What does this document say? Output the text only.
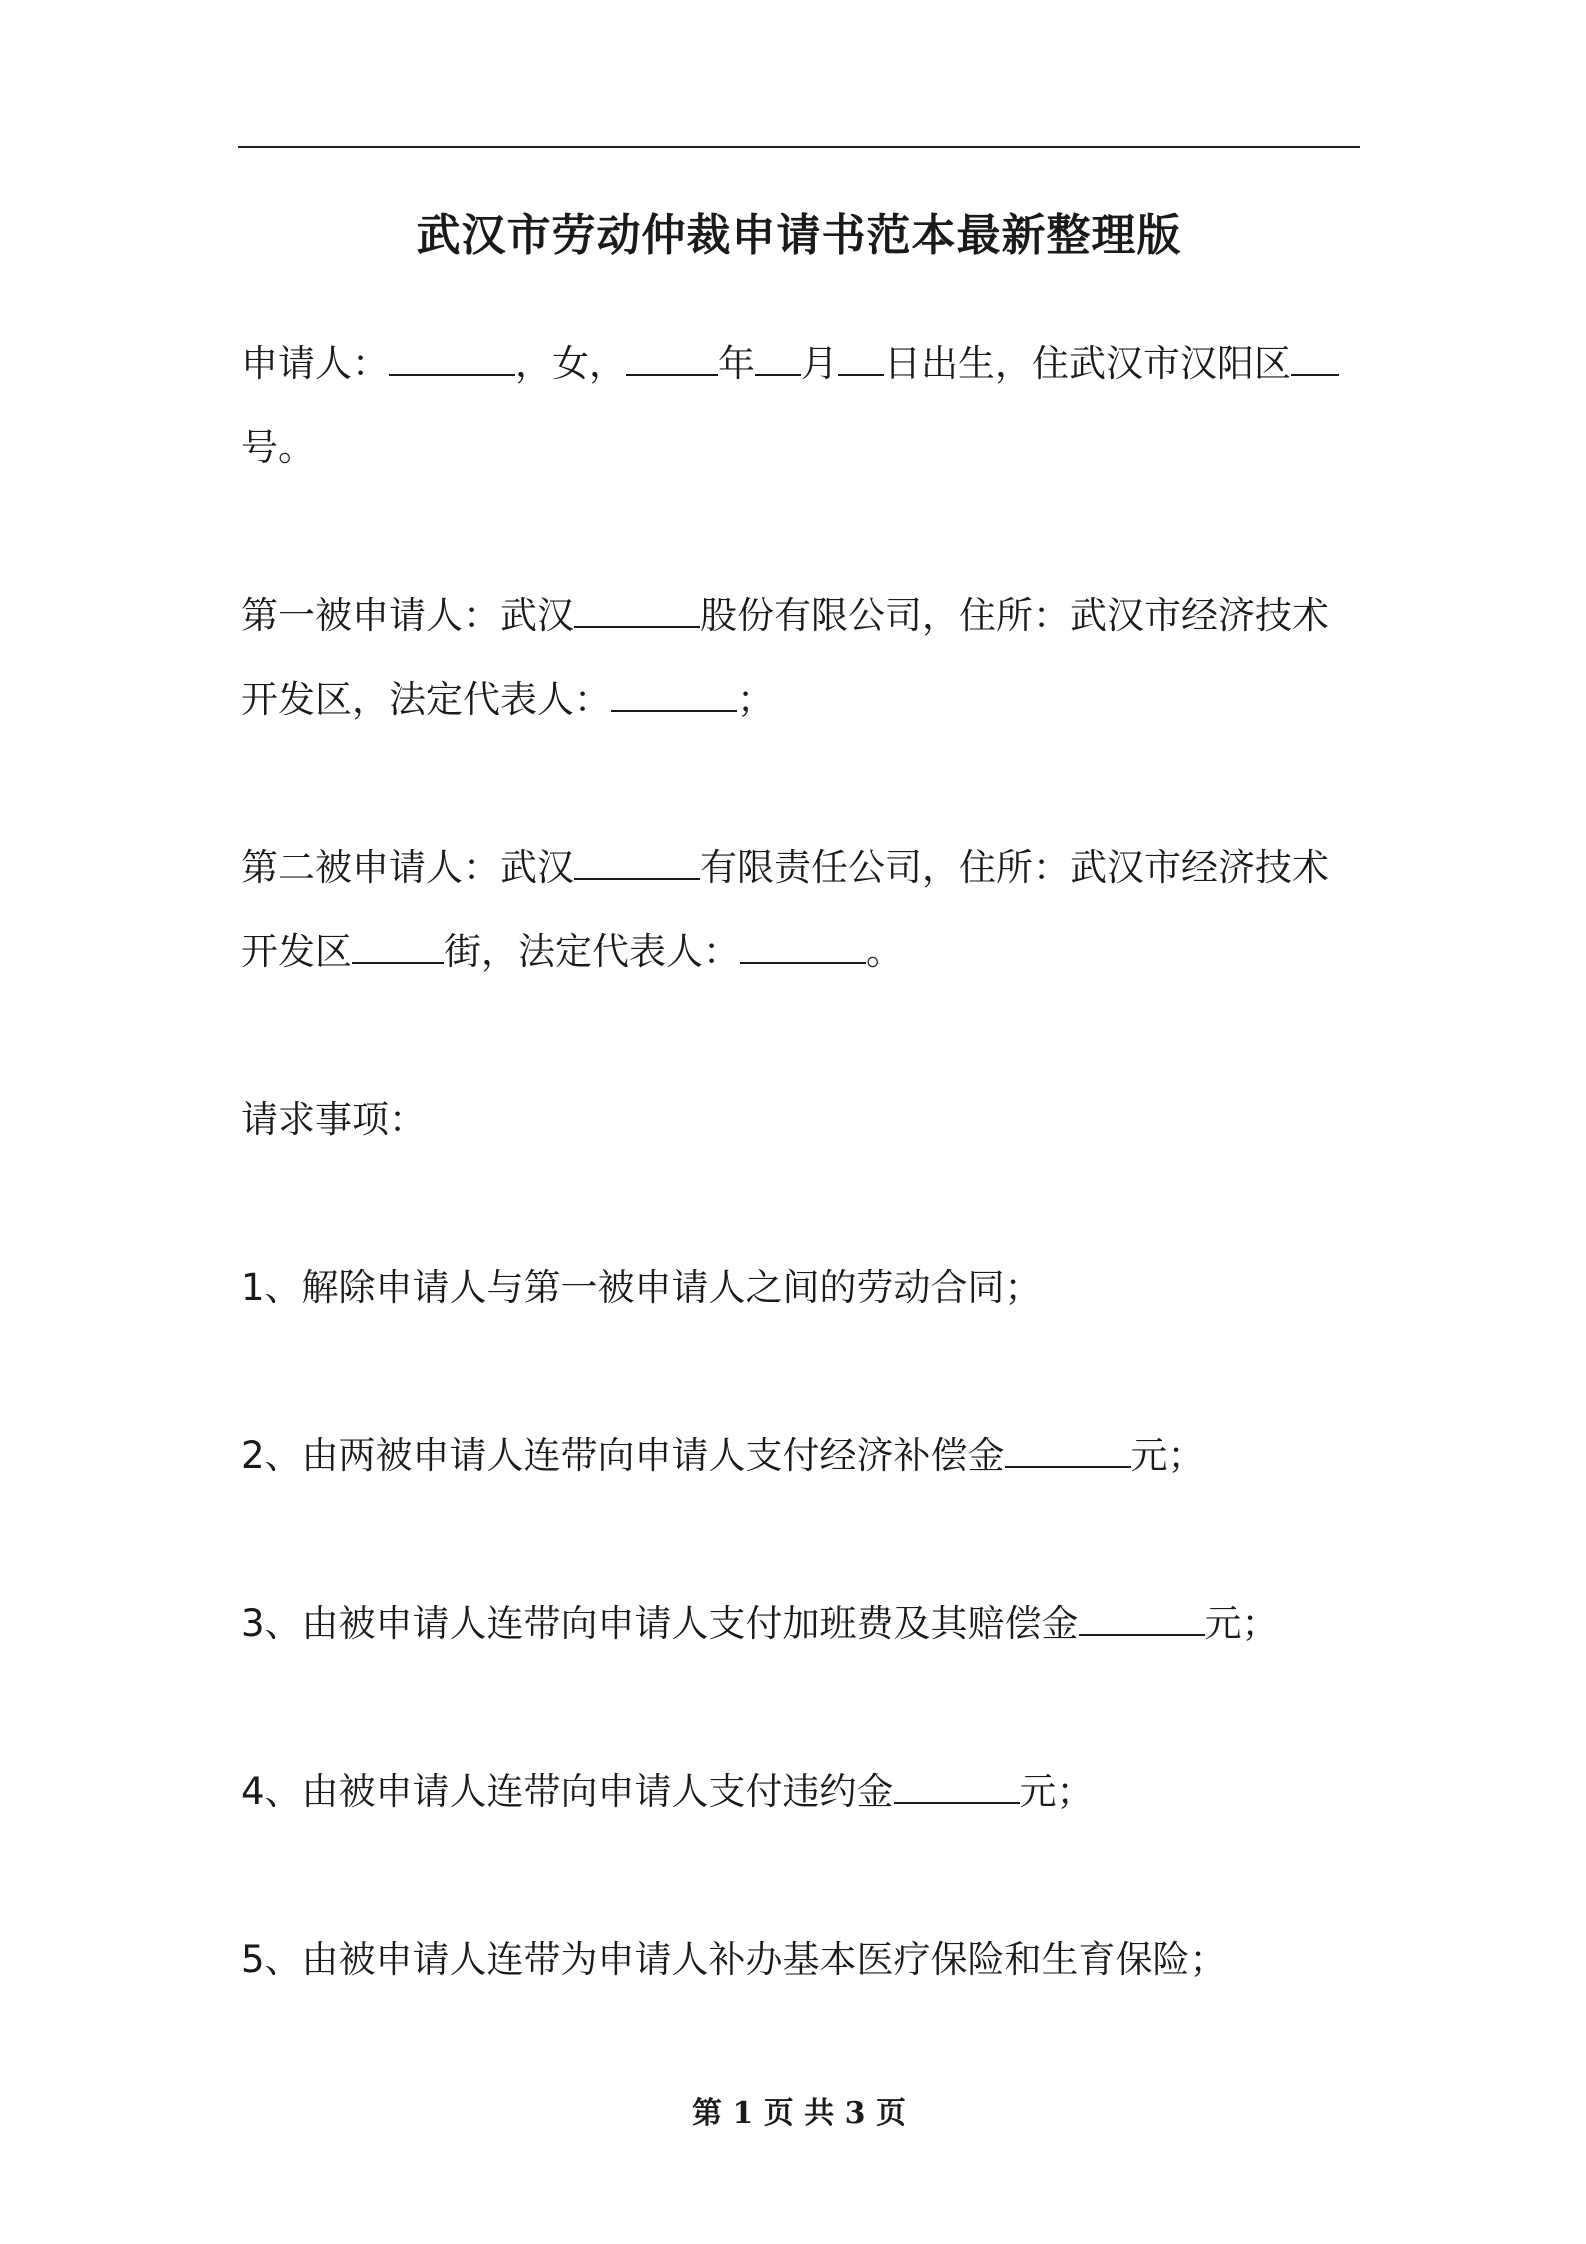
武汉市劳动仲裁申请书范本最新整理版

申请人：	，女， 年 月 日出生，住武汉市汉阳区

号。

第一被申请人：武汉	股份有限公司，住所：武汉市经济技术

开发区，法定代表人：	；

第二被申请人：武汉	有限责任公司，住所：武汉市经济技术

开发区 街，法定代表人：	。

请求事项：

1、解除申请人与第一被申请人之间的劳动合同；

2、由两被申请人连带向申请人支付经济补偿金	元；

3、由被申请人连带向申请人支付加班费及其赔偿金	元；

4、由被申请人连带向申请人支付违约金	元；

5、由被申请人连带为申请人补办基本医疗保险和生育保险；

第 1 页 共 3 页
